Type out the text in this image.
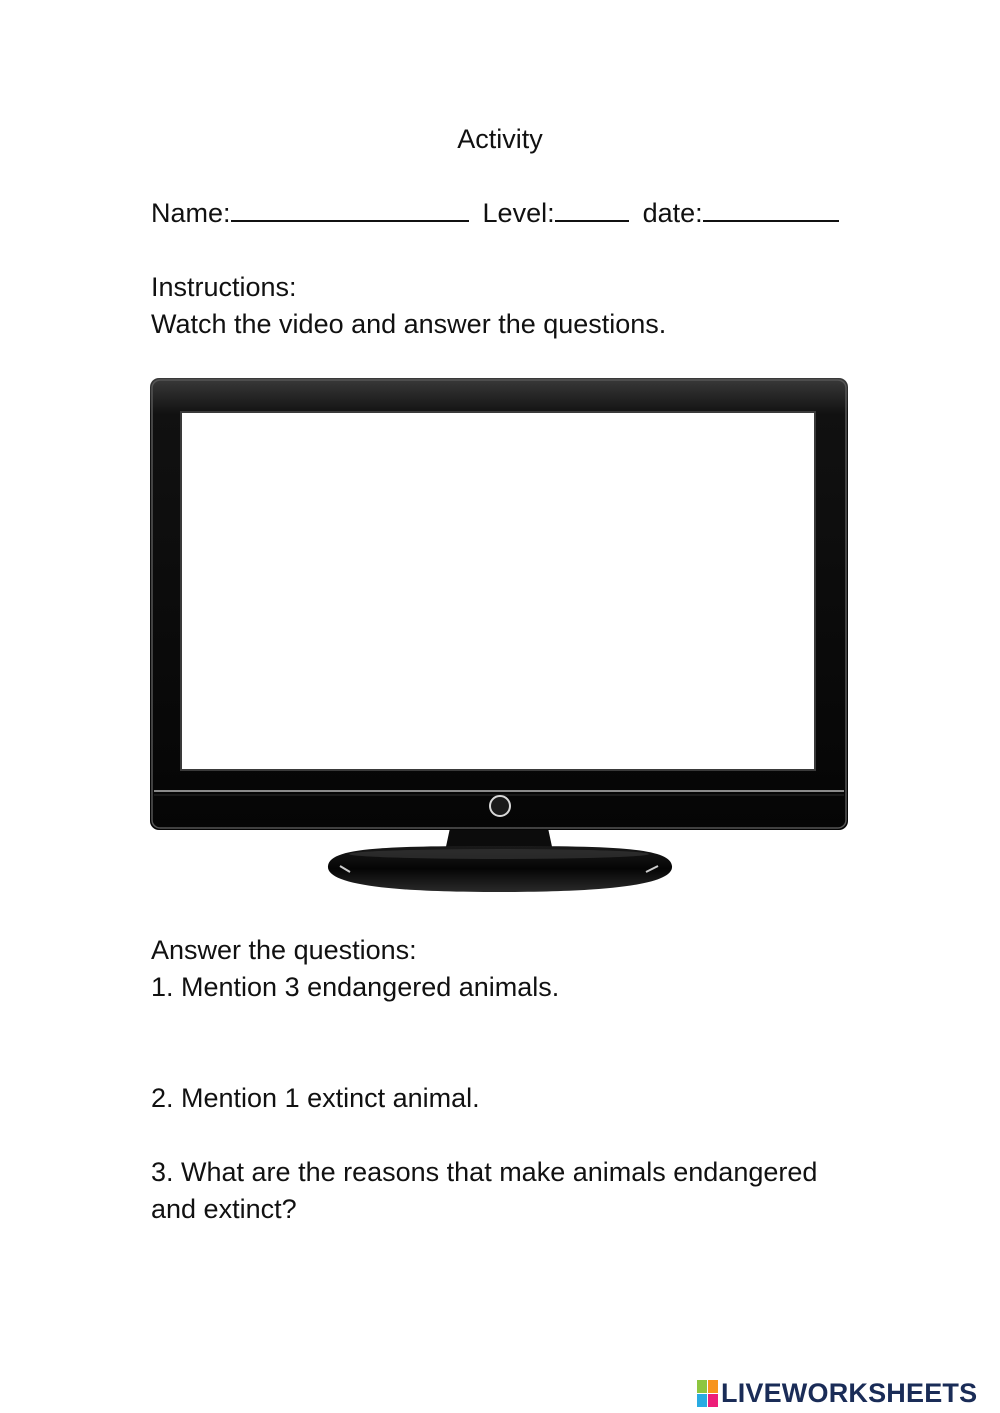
Activity
Name:	Level:	date:
Instructions:
Watch the video and answer the questions.
Answer the questions:
1. Mention 3 endangered animals.
2. Mention 1 extinct animal.
3. What are the reasons that make animals endangered
and extinct?
LIVEWORKSHEETS
